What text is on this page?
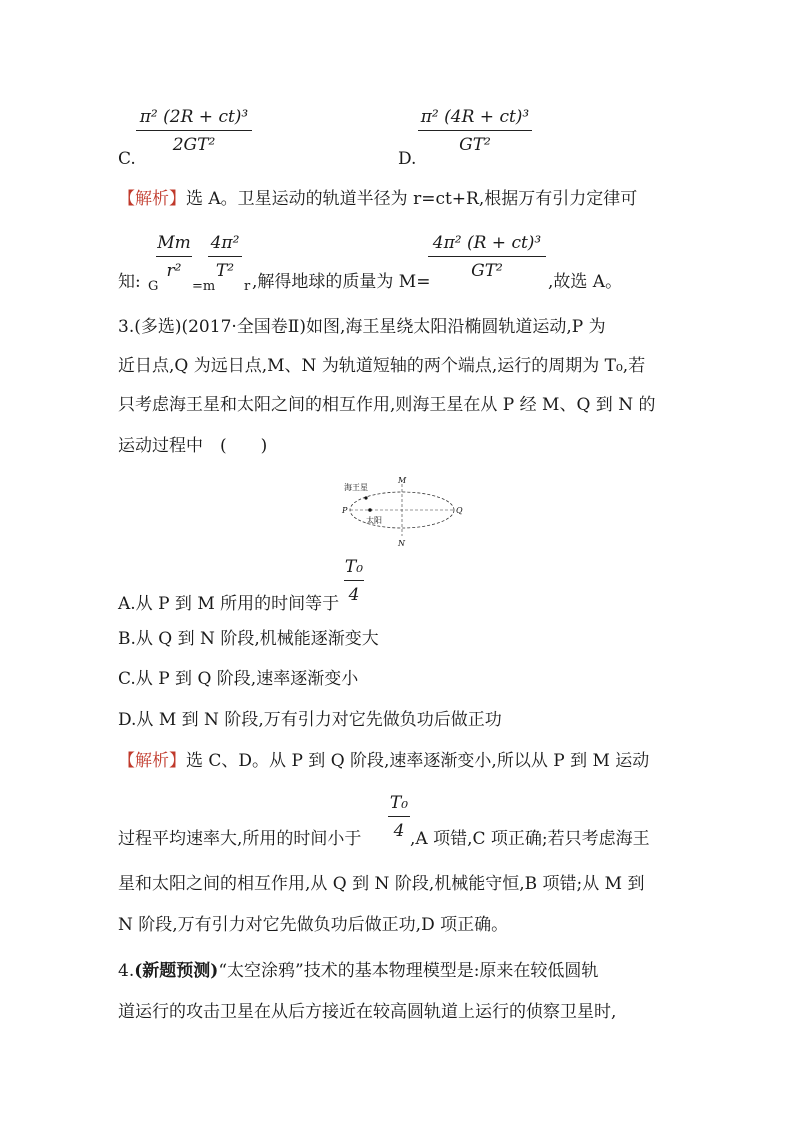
π² (2R + ct)³
2GT²
C.
π² (4R + ct)³
GT²
D.
【解析】选 A。卫星运动的轨道半径为 r=ct+R,根据万有引力定律可
知: G
Mm
r²
=m
4π²
T²
r ,解得地球的质量为 M=
4π² (R + ct)³
GT²
,故选 A。
3.(多选)(2017·全国卷Ⅱ)如图,海王星绕太阳沿椭圆轨道运动,P 为
近日点,Q 为远日点,M、N 为轨道短轴的两个端点,运行的周期为 T₀,若
只考虑海王星和太阳之间的相互作用,则海王星在从 P 经 M、Q 到 N 的
运动过程中　(　　)
海王星
太阳
P	Q
M
N
T₀
4
A.从 P 到 M 所用的时间等于
B.从 Q 到 N 阶段,机械能逐渐变大
C.从 P 到 Q 阶段,速率逐渐变小
D.从 M 到 N 阶段,万有引力对它先做负功后做正功
【解析】选 C、D。从 P 到 Q 阶段,速率逐渐变小,所以从 P 到 M 运动
过程平均速率大,所用的时间小于
T₀
4 ,A 项错,C 项正确;若只考虑海王
星和太阳之间的相互作用,从 Q 到 N 阶段,机械能守恒,B 项错;从 M 到
N 阶段,万有引力对它先做负功后做正功,D 项正确。
4.(新题预测)“太空涂鸦”技术的基本物理模型是:原来在较低圆轨
道运行的攻击卫星在从后方接近在较高圆轨道上运行的侦察卫星时,
